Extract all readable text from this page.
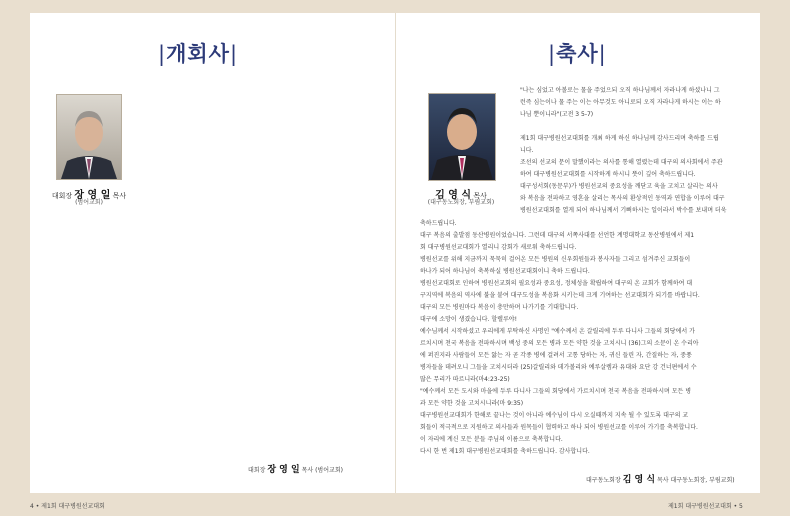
|개회사|
대회장 장 영 일 목사
(범어교회)
대회장 장 영 일 목사 (범어교회)
4 • 제1회 대구병원선교대회
|축사|
김 영 식 목사
(대구동노회장, 부림교회)

"나는 심었고 아볼로는 물을 주었으되 오직 하나님께서 자라나게 하셨나니 그

런즉 심는이나 물 주는 이는 아무것도 아니로되 오직 자라나게 하시는 이는 하

나님 뿐이니라"(고전 3 5-7)

제1회 대구병원선교대회를 개최 하게 하신 하나님께 감사드리며 축하를 드립

니다.

조선의 선교의 문이 말했이라는 의사를 통해 열렸는데 대구의 의사회에서 주관

하여 대구병원선교대회를 시작하게 하시니 뜻이 깊어 축하드립니다.

대구성서회(동문부)가 병원선교의 중요성을 깨닫고 육을 고치고 살리는 의사

와 복음을 전파하고 영혼을 살리는 목사의 환상적인 동역과 연합을 이루어 대구

병원선교대회를 열게 되어 하나님께서 기뻐하시는 일이라서 박수를 보내며 더욱

축하드립니다.

대구 복음의 출발점 동산병원이었습니다. 그런데 대구의 서쪽사대를 선언한 계명대학교 동산병원에서 제1

회 대구병원선교대회가 열리니 감회가 새로워 축하드립니다.

병원선교를 위해 지금까지 묵묵히 걸어온 모든 병원의 신우회원들과 봉사자들 그리고 섬겨주신 교회들이

하나가 되어 하나님이 축복하실 병원선교대회이니 축하 드립니다.

병원선교대회로 인하여 병원선교회의 필요성과 중요성, 정체성을 확립하여 대구의 온 교회가 함께하여 대

구지역에 복음의 역사에 불을 붙여 대구도성을 복음화 시키는데 크게 기여하는 선교대회가 되기를 바랍니다.

대구의 모든 병원마다 복음이 충만하며 나가기를 기대합니다.

대구에 소망이 생겼습니다. 할렐루야!

예수님께서 시작하셨고 우리에게 부탁하신 사명인 "예수께서 온 갈릴리에 두루 다니사 그들의 회당에서 가

르치시며 천국 복음을 전파하시며 백성 중의 모든 병과 모든 약한 것을 고치시니 (36)그의 소문이 온 수리아

에 퍼진지라 사람들이 모든 앓는 자 곧 각종 병에 걸려서 고통 당하는 자, 귀신 들린 자, 간질하는 자, 중풍

병자들을 데려오니 그들을 고치시더라 (25)갈릴리와 데가볼리와 예루살렘과 유대와 요단 강 건너편에서 수

많은 무리가 따르니라(마4:23-25)

"예수께서 모든 도시와 마을에 두루 다니사 그들의 회당에서 가르치시며 천국 복음을 전파하시며 모든 병

과 모든 약한 것을 고치시니라(마 9:35)

대구병원선교대회가 한해로 끝나는 것이 아니라 예수님이 다시 오실때까지 지속 될 수 있도록 대구의 교

회들이 적극적으로 지원하고 의사들과 원목들이 협력하고 하나 되어 병원선교를 이루어 가기를 축복합니다.

이 자리에 계신 모든 분들 주님의 이름으로 축복합니다.

다시 한 번 제1회 대구병원선교대회를 축하드립니다. 감사합니다.

대구동노회장 김 영 식 목사 대구동노회장, 부림교회)
제1회 대구병원선교대회 • 5
